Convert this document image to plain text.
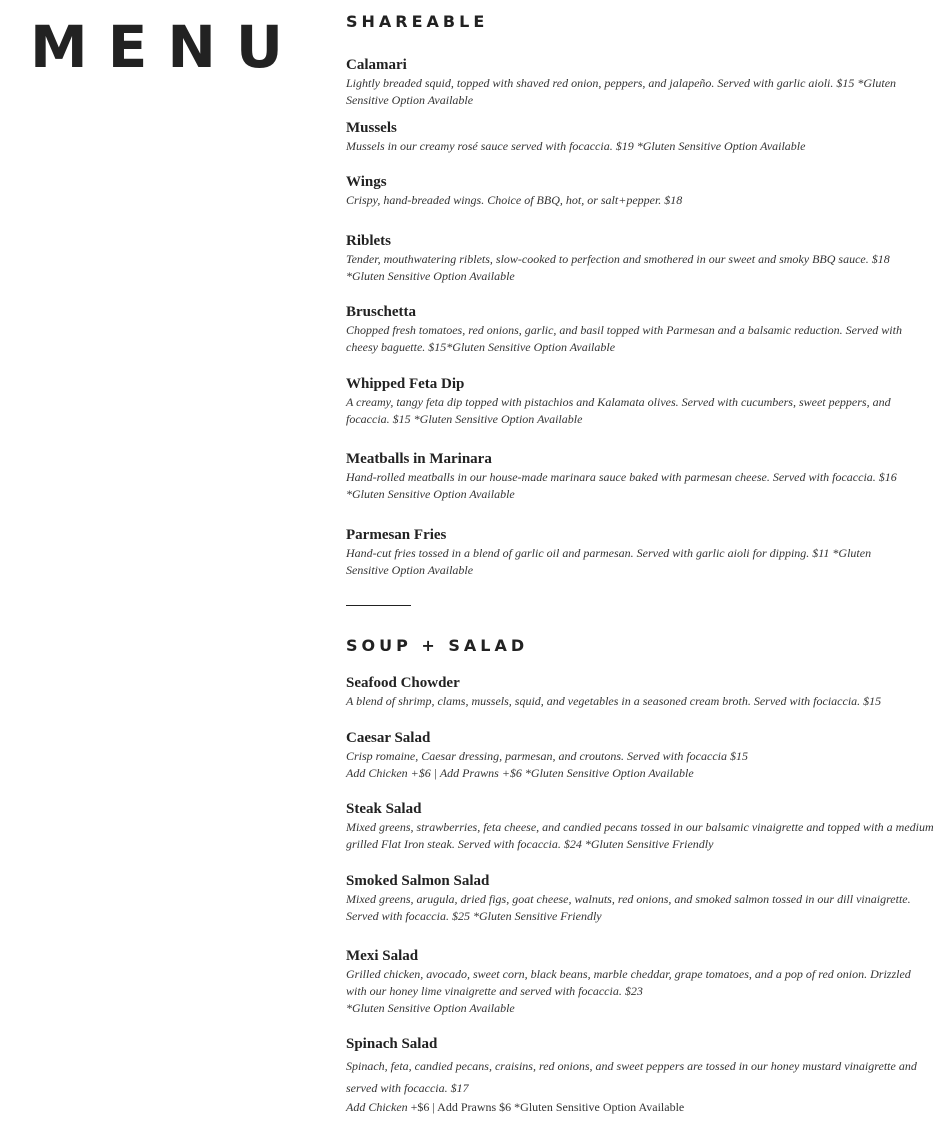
MENU	SHAREABLE
Calamari
Lightly breaded squid, topped with shaved red onion, peppers, and jalapeño. Served with garlic aioli. $15 *Gluten
Sensitive Option Available
Mussels
Mussels in our creamy rosé sauce served with focaccia. $19 *Gluten Sensitive Option Available
Wings
Crispy, hand-breaded wings. Choice of BBQ, hot, or salt+pepper. $18
Riblets
Tender, mouthwatering riblets, slow-cooked to perfection and smothered in our sweet and smoky BBQ sauce. $18
*Gluten Sensitive Option Available
Bruschetta
Chopped fresh tomatoes, red onions, garlic, and basil topped with Parmesan and a balsamic reduction. Served with
cheesy baguette. $15*Gluten Sensitive Option Available
Whipped Feta Dip
A creamy, tangy feta dip topped with pistachios and Kalamata olives. Served with cucumbers, sweet peppers, and
focaccia. $15 *Gluten Sensitive Option Available
Meatballs in Marinara
Hand-rolled meatballs in our house-made marinara sauce baked with parmesan cheese. Served with focaccia. $16
*Gluten Sensitive Option Available
Parmesan Fries
Hand-cut fries tossed in a blend of garlic oil and parmesan. Served with garlic aioli for dipping. $11 *Gluten
Sensitive Option Available
SOUP + SALAD
Seafood Chowder
A blend of shrimp, clams, mussels, squid, and vegetables in a seasoned cream broth. Served with fociaccia. $15
Caesar Salad
Crisp romaine, Caesar dressing, parmesan, and croutons. Served with focaccia $15
Add Chicken +$6 | Add Prawns +$6 *Gluten Sensitive Option Available
Steak Salad
Mixed greens, strawberries, feta cheese, and candied pecans tossed in our balsamic vinaigrette and topped with a medium
grilled Flat Iron steak. Served with focaccia. $24 *Gluten Sensitive Friendly
Smoked Salmon Salad
Mixed greens, arugula, dried figs, goat cheese, walnuts, red onions, and smoked salmon tossed in our dill vinaigrette.
Served with focaccia. $25 *Gluten Sensitive Friendly
Mexi Salad
Grilled chicken, avocado, sweet corn, black beans, marble cheddar, grape tomatoes, and a pop of red onion. Drizzled
with our honey lime vinaigrette and served with focaccia. $23
*Gluten Sensitive Option Available
Spinach Salad
Spinach, feta, candied pecans, craisins, red onions, and sweet peppers are tossed in our honey mustard vinaigrette and
served with focaccia. $17
Add Chicken +$6 | Add Prawns $6 *Gluten Sensitive Option Available
